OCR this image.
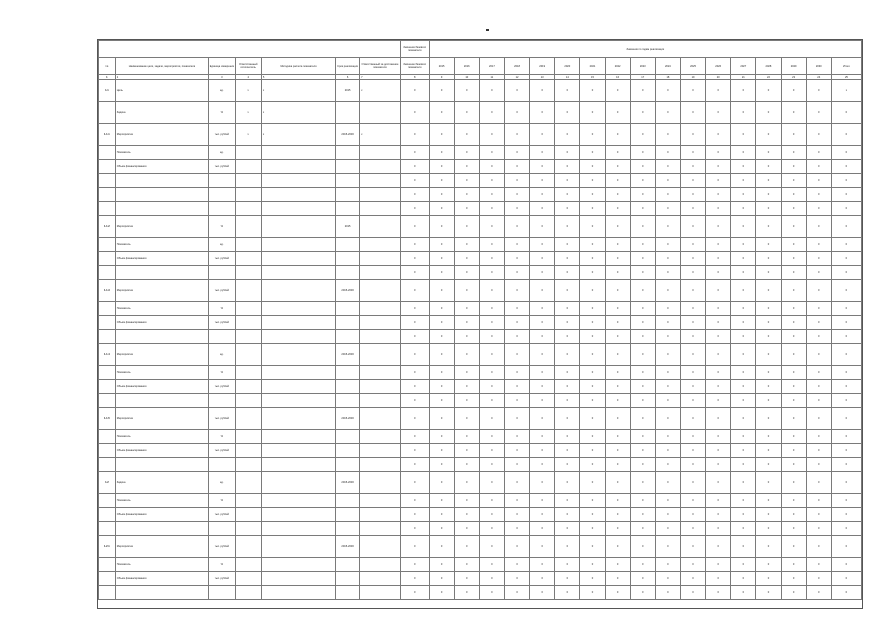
							Значения базового показателя	Значения по годам реализации																
№	Наименование цели, задачи, мероприятия, показателя	Единица измерения	Ответственный исполнитель	Методика расчета показателя	Срок реализации	Ответственный за достижение показателя	Значение базового показателя	2015	2016	2017	2018	2019	2020	2021	2022	2023	2024	2025	2026	2027	2028	2029	2030	Итого
1	2	3	4	5	6	7	8	9	10	11	12	13	14	15	16	17	18	19	20	21	22	23	24	25
1.1	Цель	ед.	х	х	2015	х	0	0	0	0	0	0	0	0	0	0	0	0	0	0	0	0	0	х
	Задача	%	х	х			0	0	0	0	0	0	0	0	0	0	0	0	0	0	0	0	0	0
1.1.1	Мероприятие	тыс. рублей	х	х	2015-2030	х	0	0	0	0	0	0	0	0	0	0	0	0	0	0	0	0	0	0
	Показатель	ед.					0	0	0	0	0	0	0	0	0	0	0	0	0	0	0	0	0	0
	Объем финансирования	тыс. рублей					0	0	0	0	0	0	0	0	0	0	0	0	0	0	0	0	0	0
							0	0	0	0	0	0	0	0	0	0	0	0	0	0	0	0	0	0
							0	0	0	0	0	0	0	0	0	0	0	0	0	0	0	0	0	0
							0	0	0	0	0	0	0	0	0	0	0	0	0	0	0	0	0	0
1.1.2	Мероприятие	%			2015		0	0	0	0	0	0	0	0	0	0	0	0	0	0	0	0	0	0
	Показатель	ед.					0	0	0	0	0	0	0	0	0	0	0	0	0	0	0	0	0	0
	Объем финансирования	тыс. рублей					0	0	0	0	0	0	0	0	0	0	0	0	0	0	0	0	0	0
							0	0	0	0	0	0	0	0	0	0	0	0	0	0	0	0	0	0
1.1.3	Мероприятие	тыс. рублей			2015-2030		0	0	0	0	0	0	0	0	0	0	0	0	0	0	0	0	0	0
	Показатель	%					0	0	0	0	0	0	0	0	0	0	0	0	0	0	0	0	0	0
	Объем финансирования	тыс. рублей					0	0	0	0	0	0	0	0	0	0	0	0	0	0	0	0	0	0
							0	0	0	0	0	0	0	0	0	0	0	0	0	0	0	0	0	0
1.1.4	Мероприятие	ед.			2015-2030		0	0	0	0	0	0	0	0	0	0	0	0	0	0	0	0	0	0
	Показатель	%					0	0	0	0	0	0	0	0	0	0	0	0	0	0	0	0	0	0
	Объем финансирования	тыс. рублей					0	0	0	0	0	0	0	0	0	0	0	0	0	0	0	0	0	0
							0	0	0	0	0	0	0	0	0	0	0	0	0	0	0	0	0	0
1.1.5	Мероприятие	тыс. рублей			2015-2030		0	0	0	0	0	0	0	0	0	0	0	0	0	0	0	0	0	0
	Показатель	%					0	0	0	0	0	0	0	0	0	0	0	0	0	0	0	0	0	0
	Объем финансирования	тыс. рублей					0	0	0	0	0	0	0	0	0	0	0	0	0	0	0	0	0	0
							0	0	0	0	0	0	0	0	0	0	0	0	0	0	0	0	0	0
1.2	Задача	ед.			2015-2030		0	0	0	0	0	0	0	0	0	0	0	0	0	0	0	0	0	0
	Показатель	%					0	0	0	0	0	0	0	0	0	0	0	0	0	0	0	0	0	0
	Объем финансирования	тыс. рублей					0	0	0	0	0	0	0	0	0	0	0	0	0	0	0	0	0	0
							0	0	0	0	0	0	0	0	0	0	0	0	0	0	0	0	0	0
1.2.1	Мероприятие	тыс. рублей			2015-2030		0	0	0	0	0	0	0	0	0	0	0	0	0	0	0	0	0	0
	Показатель	%					0	0	0	0	0	0	0	0	0	0	0	0	0	0	0	0	0	0
	Объем финансирования	тыс. рублей					0	0	0	0	0	0	0	0	0	0	0	0	0	0	0	0	0	0
							0	0	0	0	0	0	0	0	0	0	0	0	0	0	0	0	0	0
